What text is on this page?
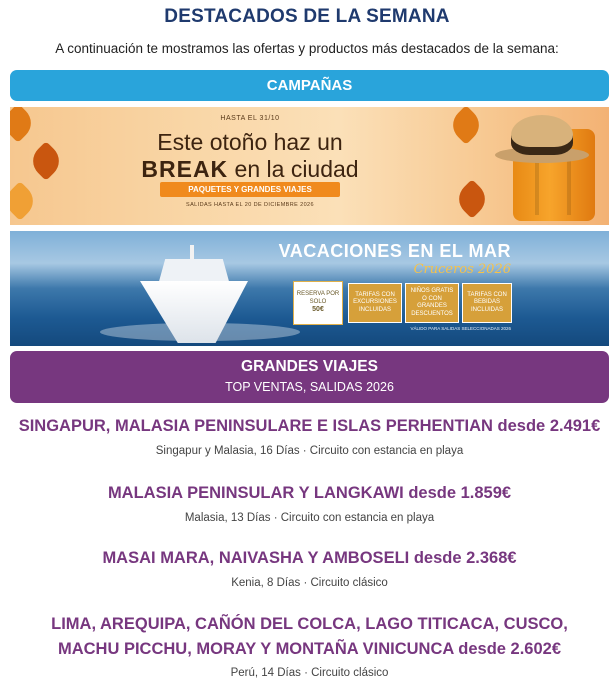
DESTACADOS DE LA SEMANA

A continuación te mostramos las ofertas y productos más destacados de la semana:

CAMPAÑAS
HASTA EL 31/10
Este otoño haz un
BREAK en la ciudad
PAQUETES Y GRANDES VIAJES
SALIDAS HASTA EL 20 DE DICIEMBRE 2026
VACACIONES EN EL MAR
Cruceros 2026
RESERVA POR SOLO
50€
TARIFAS CON EXCURSIONES INCLUIDAS
NIÑOS GRATIS O CON GRANDES DESCUENTOS
TARIFAS CON BEBIDAS INCLUIDAS
VÁLIDO PARA SALIDAS SELECCIONADAS 2026
GRANDES VIAJES
TOP VENTAS, SALIDAS 2026
SINGAPUR, MALASIA PENINSULARE E ISLAS PERHENTIAN desde 2.491€
Singapur y Malasia, 16 Días · Circuito con estancia en playa
MALASIA PENINSULAR Y LANGKAWI desde 1.859€
Malasia, 13 Días · Circuito con estancia en playa
MASAI MARA, NAIVASHA Y AMBOSELI desde 2.368€
Kenia, 8 Días · Circuito clásico
LIMA, AREQUIPA, CAÑÓN DEL COLCA, LAGO TITICACA, CUSCO, MACHU PICCHU, MORAY Y MONTAÑA VINICUNCA desde 2.602€
Perú, 14 Días · Circuito clásico
